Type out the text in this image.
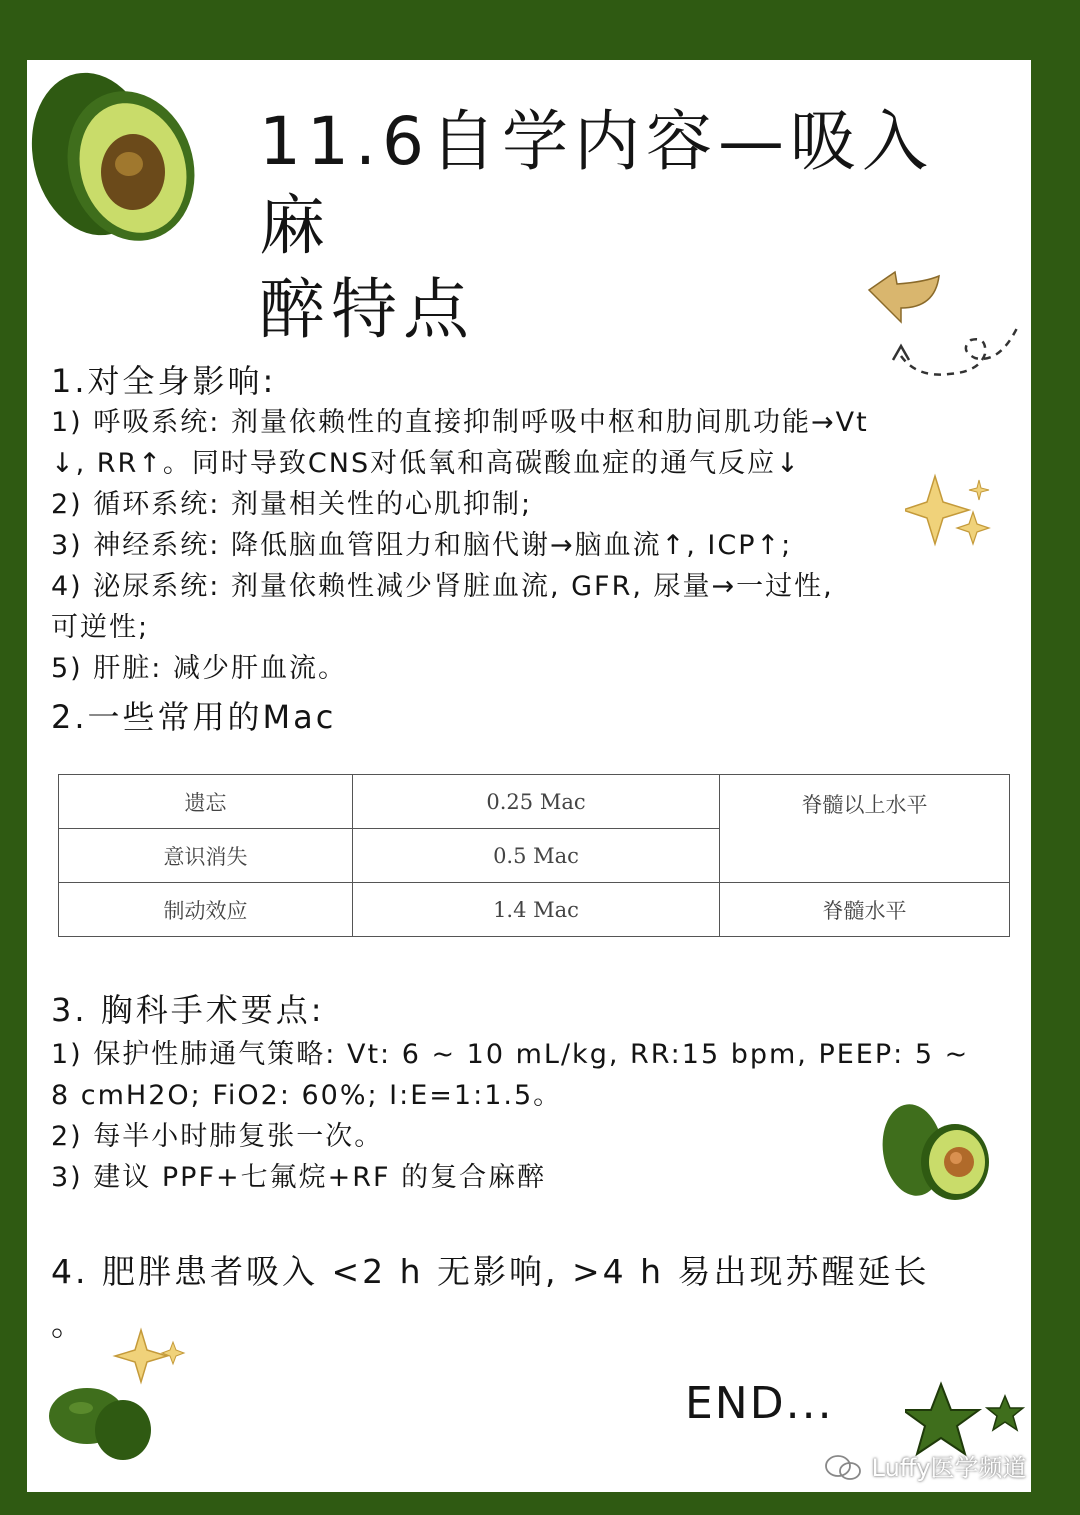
11.6自学内容—吸入麻
醉特点
1.对全身影响:
1) 呼吸系统: 剂量依赖性的直接抑制呼吸中枢和肋间肌功能→Vt
↓, RR↑。同时导致CNS对低氧和高碳酸血症的通气反应↓
2) 循环系统: 剂量相关性的心肌抑制;
3) 神经系统: 降低脑血管阻力和脑代谢→脑血流↑, ICP↑;
4) 泌尿系统: 剂量依赖性减少肾脏血流, GFR, 尿量→一过性,
可逆性;
5) 肝脏: 减少肝血流。
2.一些常用的Mac
遗忘	0.25 Mac	脊髓以上水平
意识消失	0.5 Mac	
制动效应	1.4 Mac	脊髓水平
3. 胸科手术要点:
1) 保护性肺通气策略: Vt: 6 ~ 10 mL/kg, RR:15 bpm, PEEP: 5 ~
8 cmH2O; FiO2: 60%; I:E=1:1.5。
2) 每半小时肺复张一次。
3) 建议 PPF+七氟烷+RF 的复合麻醉
4. 肥胖患者吸入 <2 h 无影响, >4 h 易出现苏醒延长
。
END...
Luffy医学频道
